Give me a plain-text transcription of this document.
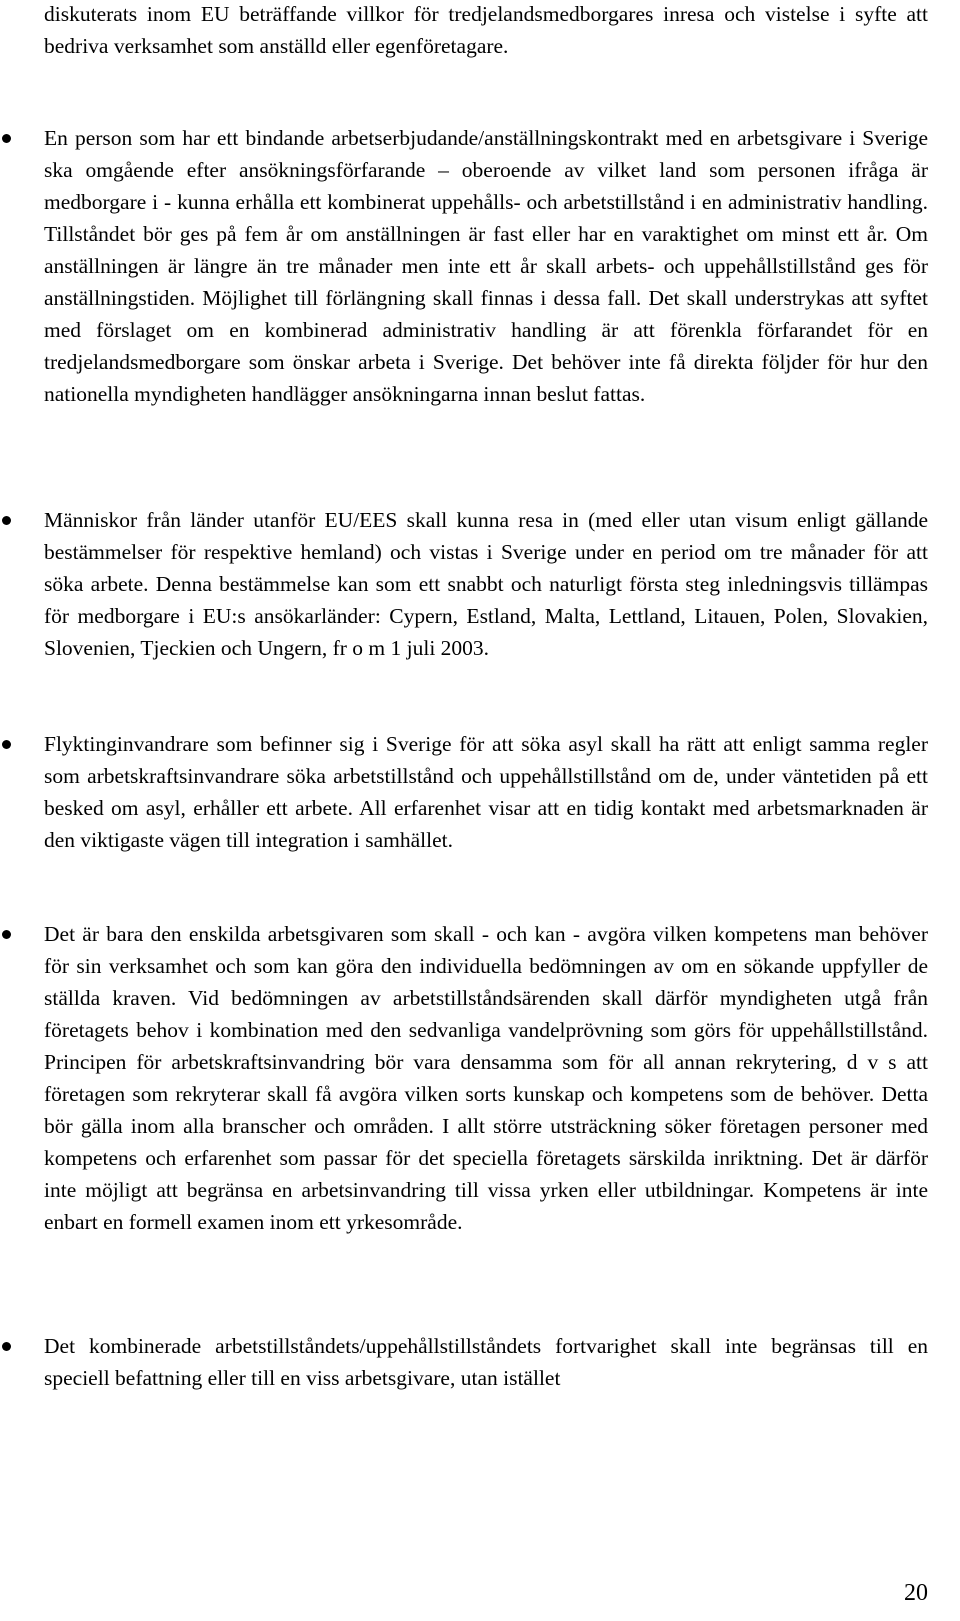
diskuterats inom EU beträffande villkor för tredjelandsmedborgares inresa och vistelse i syfte att bedriva verksamhet som anställd eller egenföretagare.

En person som har ett bindande arbetserbjudande/anställningskontrakt med en arbetsgivare i Sverige ska omgående efter ansökningsförfarande – oberoende av vilket land som personen ifråga är medborgare i - kunna erhålla ett kombinerat uppehålls- och arbetstillstånd i en administrativ handling. Tillståndet bör ges på fem år om anställningen är fast eller har en varaktighet om minst ett år. Om anställningen är längre än tre månader men inte ett år skall arbets- och uppehållstillstånd ges för anställningstiden. Möjlighet till förlängning skall finnas i dessa fall. Det skall understrykas att syftet med förslaget om en kombinerad administrativ handling är att förenkla förfarandet för en tredjelandsmedborgare som önskar arbeta i Sverige. Det behöver inte få direkta följder för hur den nationella myndigheten handlägger ansökningarna innan beslut fattas.

Människor från länder utanför EU/EES skall kunna resa in (med eller utan visum enligt gällande bestämmelser för respektive hemland) och vistas i Sverige under en period om tre månader för att söka arbete. Denna bestämmelse kan som ett snabbt och naturligt första steg inledningsvis tillämpas för medborgare i EU:s ansökarländer: Cypern, Estland, Malta, Lettland, Litauen, Polen, Slovakien, Slovenien, Tjeckien och Ungern, fr o m 1 juli 2003.

Flyktinginvandrare som befinner sig i Sverige för att söka asyl skall ha rätt att enligt samma regler som arbetskraftsinvandrare söka arbetstillstånd och uppehållstillstånd om de, under väntetiden på ett besked om asyl, erhåller ett arbete. All erfarenhet visar att en tidig kontakt med arbetsmarknaden är den viktigaste vägen till integration i samhället.

Det är bara den enskilda arbetsgivaren som skall - och kan - avgöra vilken kompetens man behöver för sin verksamhet och som kan göra den individuella bedömningen av om en sökande uppfyller de ställda kraven. Vid bedömningen av arbetstillståndsärenden skall därför myndigheten utgå från företagets behov i kombination med den sedvanliga vandelprövning som görs för uppehållstillstånd. Principen för arbetskraftsinvandring bör vara densamma som för all annan rekrytering, d v s att företagen som rekryterar skall få avgöra vilken sorts kunskap och kompetens som de behöver. Detta bör gälla inom alla branscher och områden. I allt större utsträckning söker företagen personer med kompetens och erfarenhet som passar för det speciella företagets särskilda inriktning. Det är därför inte möjligt att begränsa en arbetsinvandring till vissa yrken eller utbildningar. Kompetens är inte enbart en formell examen inom ett yrkesområde.

Det kombinerade arbetstillståndets/uppehållstillståndets fortvarighet skall inte begränsas till en speciell befattning eller till en viss arbetsgivare, utan istället

20
